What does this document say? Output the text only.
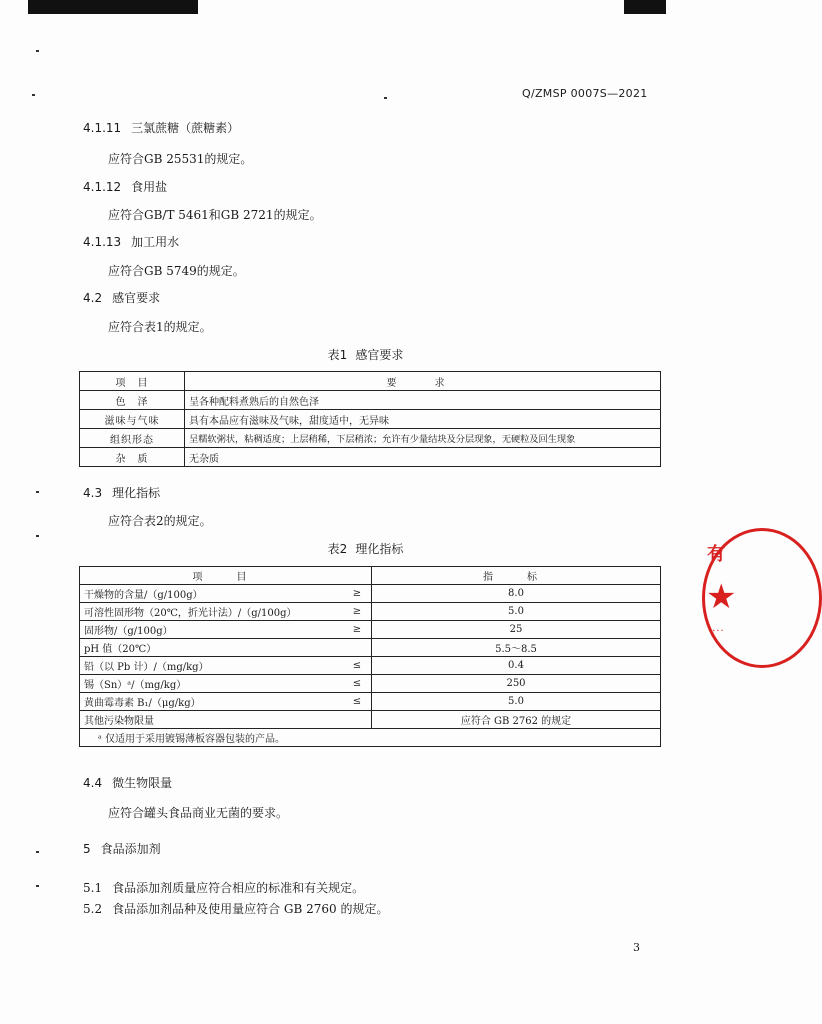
Q/ZMSP 0007S—2021
4.1.11 三氯蔗糖（蔗糖素）
应符合GB 25531的规定。
4.1.12 食用盐
应符合GB/T 5461和GB 2721的规定。
4.1.13 加工用水
应符合GB 5749的规定。
4.2 感官要求
应符合表1的规定。
表1 感官要求
项　目	要　求
色　泽	呈各种配料煮熟后的自然色泽
滋味与气味	具有本品应有滋味及气味，甜度适中，无异味
组织形态	呈糯软粥状，粘稠适度；上层稍稀，下层稍浓；允许有少量结块及分层现象，无硬粒及回生现象
杂　质	无杂质
4.3 理化指标
应符合表2的规定。
表2 理化指标
项　目		指　标
干燥物的含量/（g/100g）	≥	8.0
可溶性固形物（20℃，折光计法）/（g/100g）	≥	5.0
固形物/（g/100g）	≥	25
pH 值（20℃）		5.5～8.5
铅（以 Pb 计）/（mg/kg）	≤	0.4
锡（Sn）ᵃ/（mg/kg）	≤	250
黄曲霉毒素 B₁/（μg/kg）	≤	5.0
其他污染物限量		应符合 GB 2762 的规定
ᵃ 仅适用于采用镀锡薄板容器包装的产品。		
4.4 微生物限量
应符合罐头食品商业无菌的要求。
5 食品添加剂
5.1 食品添加剂质量应符合相应的标准和有关规定。
5.2 食品添加剂品种及使用量应符合 GB 2760 的规定。
3
有
★
····
